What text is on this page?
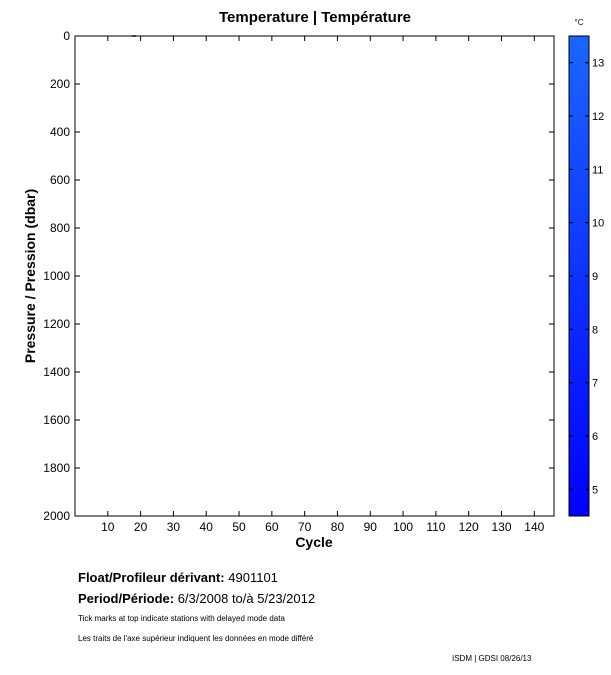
Temperature | Température
10 20 30 40 50 60 70 80 90 100 110 120 130 140
0
200
400
600
800
1000
1200
1400
1600
1800
2000
Cycle
Pressure / Pression (dbar)
5
6
7
8
9
10
11
12
13
°C
Float/Profileur dérivant: 4901101
Period/Période: 6/3/2008 to/à 5/23/2012
Tick marks at top indicate stations with delayed mode data
Les traits de l'axe supérieur indiquent les données en mode différé
ISDM | GDSI 08/26/13
